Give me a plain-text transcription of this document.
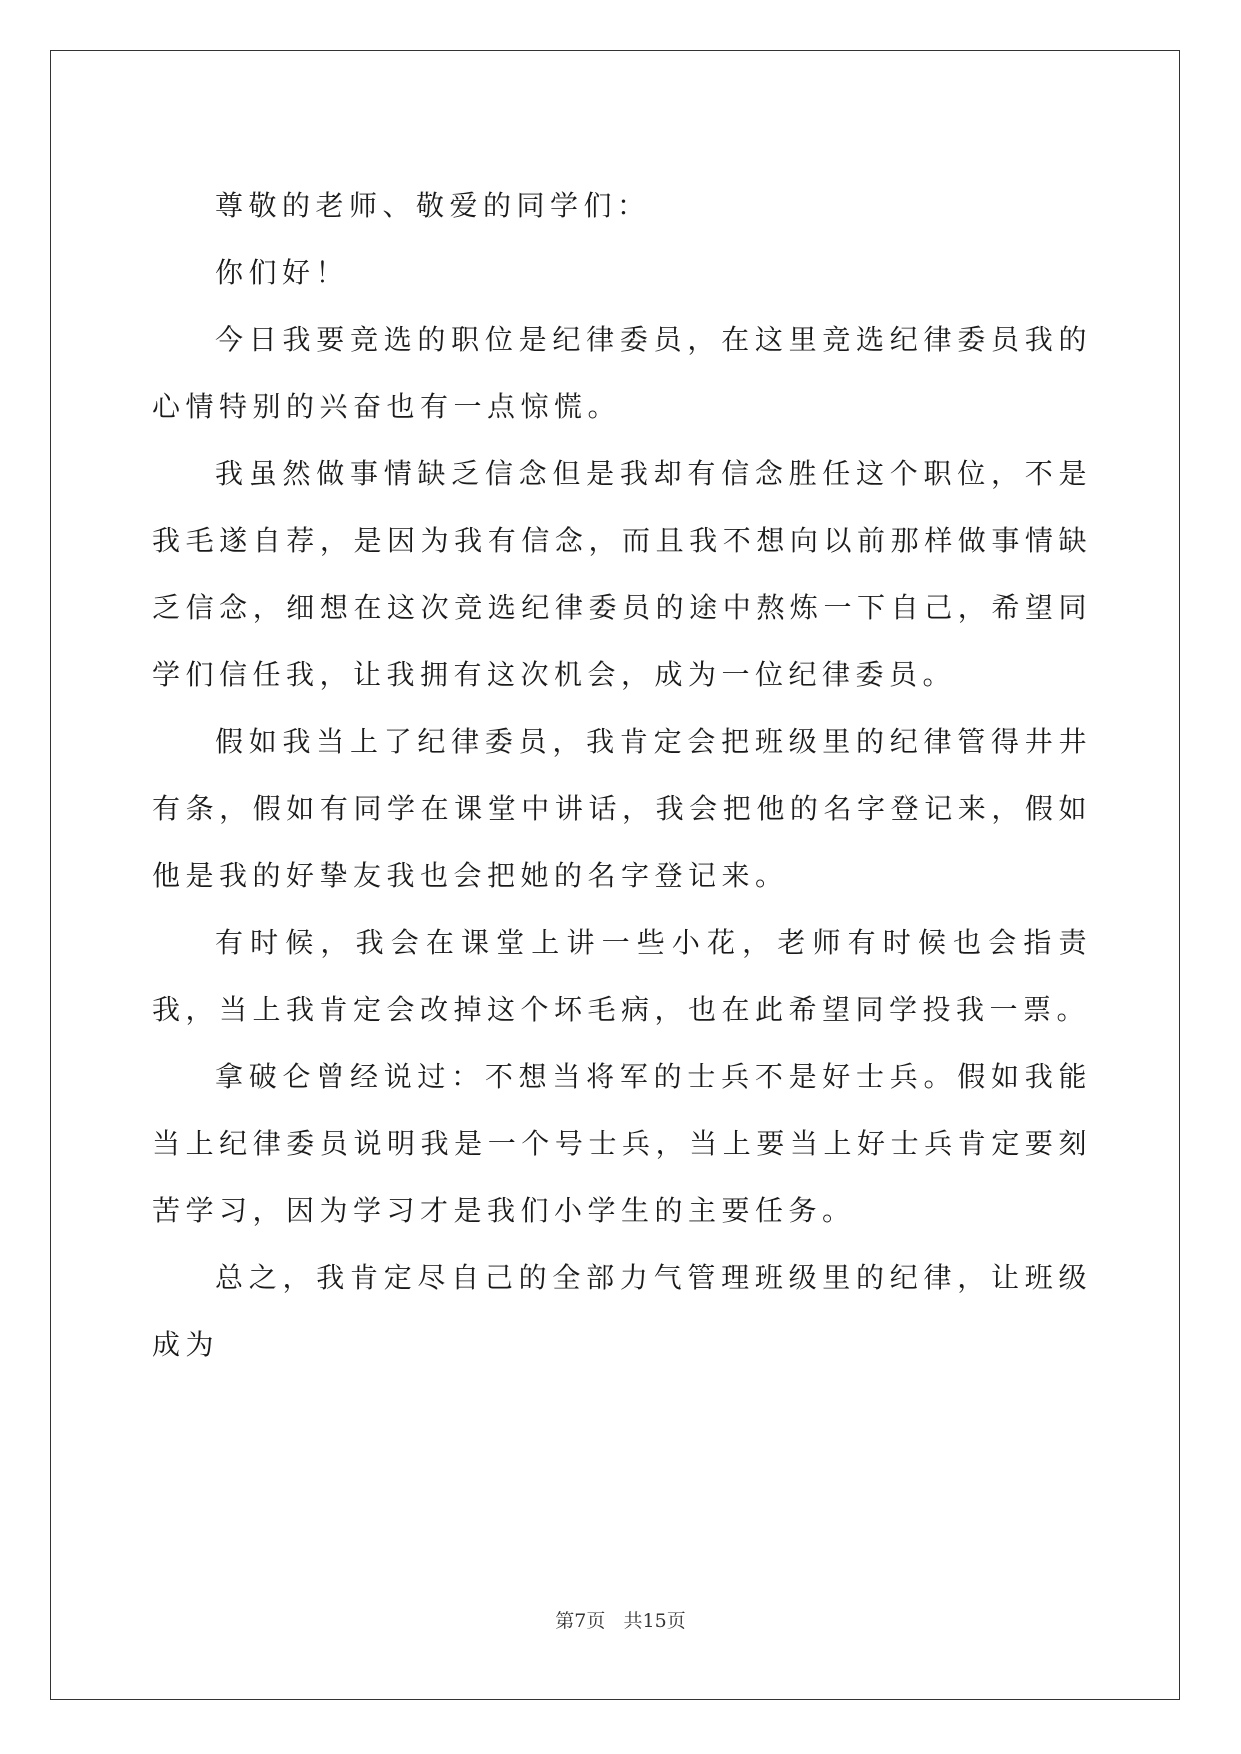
尊敬的老师、敬爱的同学们：

你们好！

今日我要竞选的职位是纪律委员，在这里竞选纪律委员我的心情特别的兴奋也有一点惊慌。

我虽然做事情缺乏信念但是我却有信念胜任这个职位，不是我毛遂自荐，是因为我有信念，而且我不想向以前那样做事情缺乏信念，细想在这次竞选纪律委员的途中熬炼一下自己，希望同学们信任我，让我拥有这次机会，成为一位纪律委员。

假如我当上了纪律委员，我肯定会把班级里的纪律管得井井有条，假如有同学在课堂中讲话，我会把他的名字登记来，假如他是我的好挚友我也会把她的名字登记来。

有时候，我会在课堂上讲一些小花，老师有时候也会指责我，当上我肯定会改掉这个坏毛病，也在此希望同学投我一票。

拿破仑曾经说过：不想当将军的士兵不是好士兵。假如我能当上纪律委员说明我是一个号士兵，当上要当上好士兵肯定要刻苦学习，因为学习才是我们小学生的主要任务。

总之，我肯定尽自己的全部力气管理班级里的纪律，让班级成为

第7页 共15页
